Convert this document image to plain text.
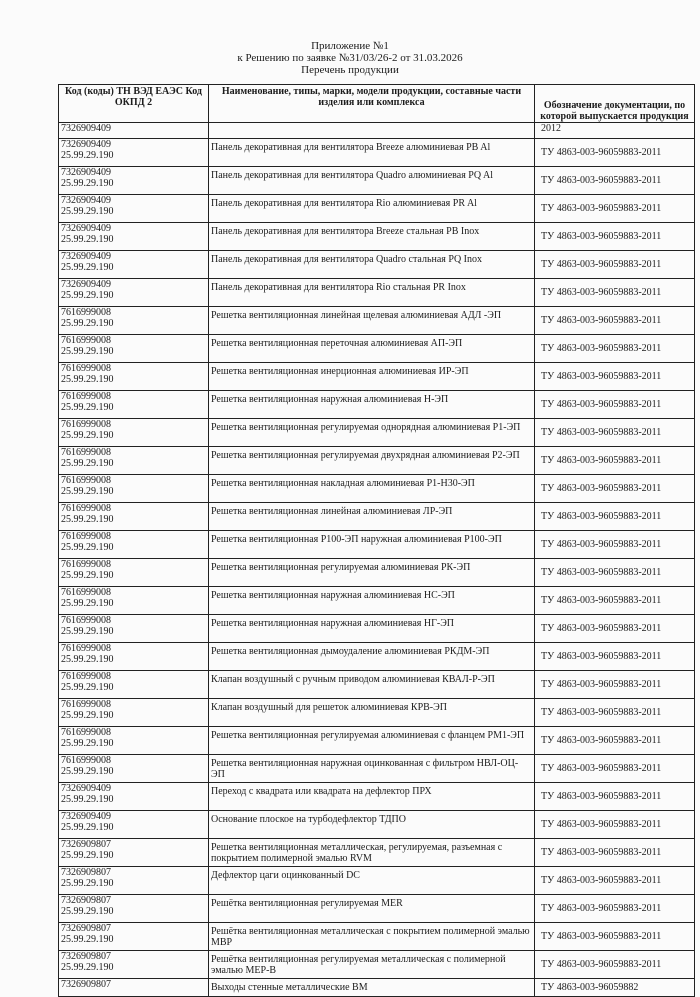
Приложение №1
к Решению по заявке №31/03/26-2 от 31.03.2026
Перечень продукции
Код (коды) ТН ВЭД ЕАЭС Код ОКПД 2	Наименование, типы, марки, модели продукции, составные части изделия или комплекса	Обозначение документации, по которой выпускается продукция

7326909409		2012

7326909409
25.99.29.190	Панель декоративная для вентилятора Breeze алюминиевая PB Al	ТУ 4863-003-96059883-2011

7326909409
25.99.29.190	Панель декоративная для вентилятора Quadro алюминиевая PQ Al	ТУ 4863-003-96059883-2011

7326909409
25.99.29.190	Панель декоративная для вентилятора Rio алюминиевая PR Al	ТУ 4863-003-96059883-2011

7326909409
25.99.29.190	Панель декоративная для вентилятора Breeze стальная PB Inox	ТУ 4863-003-96059883-2011

7326909409
25.99.29.190	Панель декоративная для вентилятора Quadro стальная PQ Inox	ТУ 4863-003-96059883-2011

7326909409
25.99.29.190	Панель декоративная для вентилятора Rio стальная PR Inox	ТУ 4863-003-96059883-2011

7616999008
25.99.29.190	Решетка вентиляционная линейная щелевая алюминиевая АДЛ -ЭП	ТУ 4863-003-96059883-2011

7616999008
25.99.29.190	Решетка вентиляционная переточная алюминиевая АП-ЭП	ТУ 4863-003-96059883-2011

7616999008
25.99.29.190	Решетка вентиляционная инерционная алюминиевая ИР-ЭП	ТУ 4863-003-96059883-2011

7616999008
25.99.29.190	Решетка вентиляционная наружная алюминиевая Н-ЭП	ТУ 4863-003-96059883-2011

7616999008
25.99.29.190	Решетка вентиляционная регулируемая однорядная алюминиевая Р1-ЭП	ТУ 4863-003-96059883-2011

7616999008
25.99.29.190	Решетка вентиляционная регулируемая двухрядная алюминиевая Р2-ЭП	ТУ 4863-003-96059883-2011

7616999008
25.99.29.190	Решетка вентиляционная накладная алюминиевая Р1-Н30-ЭП	ТУ 4863-003-96059883-2011

7616999008
25.99.29.190	Решетка вентиляционная линейная алюминиевая ЛР-ЭП	ТУ 4863-003-96059883-2011

7616999008
25.99.29.190	Решетка вентиляционная Р100-ЭП наружная алюминиевая Р100-ЭП	ТУ 4863-003-96059883-2011

7616999008
25.99.29.190	Решетка вентиляционная регулируемая алюминиевая РК-ЭП	ТУ 4863-003-96059883-2011

7616999008
25.99.29.190	Решетка вентиляционная наружная алюминиевая НС-ЭП	ТУ 4863-003-96059883-2011

7616999008
25.99.29.190	Решетка вентиляционная наружная алюминиевая НГ-ЭП	ТУ 4863-003-96059883-2011

7616999008
25.99.29.190	Решетка вентиляционная дымоудаление алюминиевая РКДМ-ЭП	ТУ 4863-003-96059883-2011

7616999008
25.99.29.190	Клапан воздушный с ручным приводом алюминиевая КВАЛ-Р-ЭП	ТУ 4863-003-96059883-2011

7616999008
25.99.29.190	Клапан воздушный для решеток алюминиевая КРВ-ЭП	ТУ 4863-003-96059883-2011

7616999008
25.99.29.190	Решетка вентиляционная регулируемая алюминиевая с фланцем РМ1-ЭП	ТУ 4863-003-96059883-2011

7616999008
25.99.29.190	Решетка вентиляционная наружная оцинкованная с фильтром НВЛ-ОЦ-ЭП	ТУ 4863-003-96059883-2011

7326909409
25.99.29.190	Переход с квадрата или квадрата на дефлектор ПРХ	ТУ 4863-003-96059883-2011

7326909409
25.99.29.190	Основание плоское на турбодефлектор ТДПО	ТУ 4863-003-96059883-2011

7326909807
25.99.29.190	Решетка вентиляционная металлическая, регулируемая, разъемная с покрытием полимерной эмалью RVM	ТУ 4863-003-96059883-2011

7326909807
25.99.29.190	Дефлектор цаги оцинкованный DC	ТУ 4863-003-96059883-2011

7326909807
25.99.29.190	Решётка вентиляционная регулируемая MER	ТУ 4863-003-96059883-2011

7326909807
25.99.29.190	Решётка вентиляционная металлическая с покрытием полимерной эмалью МВР	ТУ 4863-003-96059883-2011

7326909807
25.99.29.190	Решётка вентиляционная регулируемая металлическая с полимерной эмалью МЕР-В	ТУ 4863-003-96059883-2011

7326909807	Выходы стенные металлические ВМ	ТУ 4863-003-96059882
